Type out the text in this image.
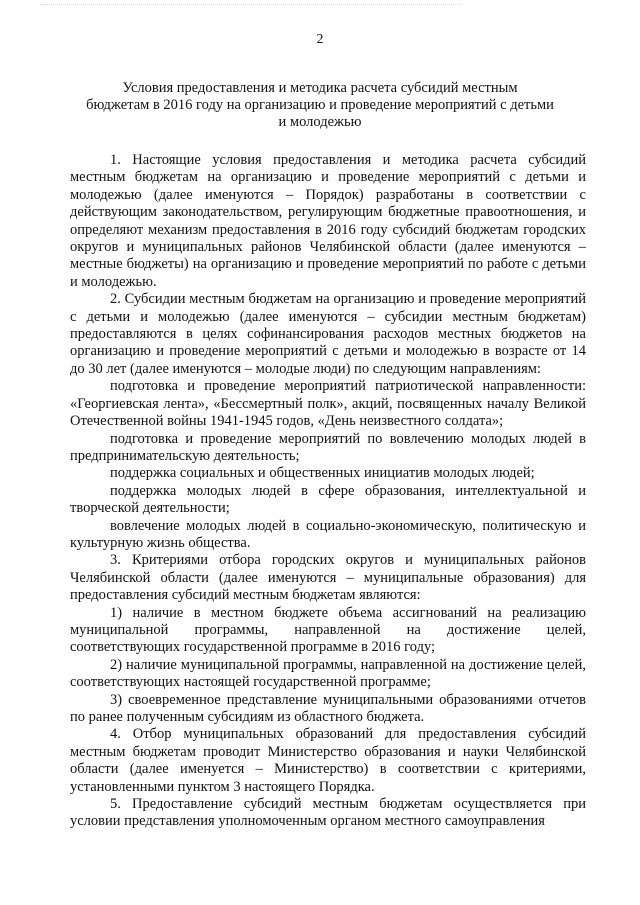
2
Условия предоставления и методика расчета субсидий местным
бюджетам в 2016 году на организацию и проведение мероприятий с детьми
и молодежью

1. Настоящие условия предоставления и методика расчета субсидий местным бюджетам на организацию и проведение мероприятий с детьми и молодежью (далее именуются – Порядок) разработаны в соответствии с действующим законодательством, регулирующим бюджетные правоотношения, и определяют механизм предоставления в 2016 году субсидий бюджетам городских округов и муниципальных районов Челябинской области (далее именуются – местные бюджеты) на организацию и проведение мероприятий по работе с детьми и молодежью.

2. Субсидии местным бюджетам на организацию и проведение мероприятий с детьми и молодежью (далее именуются – субсидии местным бюджетам) предоставляются в целях софинансирования расходов местных бюджетов на организацию и проведение мероприятий с детьми и молодежью в возрасте от 14 до 30 лет (далее именуются – молодые люди) по следующим направлениям:

подготовка и проведение мероприятий патриотической направленности: «Георгиевская лента», «Бессмертный полк», акций, посвященных началу Великой Отечественной войны 1941-1945 годов, «День неизвестного солдата»;

подготовка и проведение мероприятий по вовлечению молодых людей в предпринимательскую деятельность;

поддержка социальных и общественных инициатив молодых людей;

поддержка молодых людей в сфере образования, интеллектуальной и творческой деятельности;

вовлечение молодых людей в социально-экономическую, политическую и культурную жизнь общества.

3. Критериями отбора городских округов и муниципальных районов Челябинской области (далее именуются – муниципальные образования) для предоставления субсидий местным бюджетам являются:

1) наличие в местном бюджете объема ассигнований на реализацию муниципальной программы, направленной на достижение целей, соответствующих государственной программе в 2016 году;

2) наличие муниципальной программы, направленной на достижение целей, соответствующих настоящей государственной программе;

3) своевременное представление муниципальными образованиями отчетов по ранее полученным субсидиям из областного бюджета.

4. Отбор муниципальных образований для предоставления субсидий местным бюджетам проводит Министерство образования и науки Челябинской области (далее именуется – Министерство) в соответствии с критериями, установленными пунктом 3 настоящего Порядка.

5. Предоставление субсидий местным бюджетам осуществляется при условии представления уполномоченным органом местного самоуправления
